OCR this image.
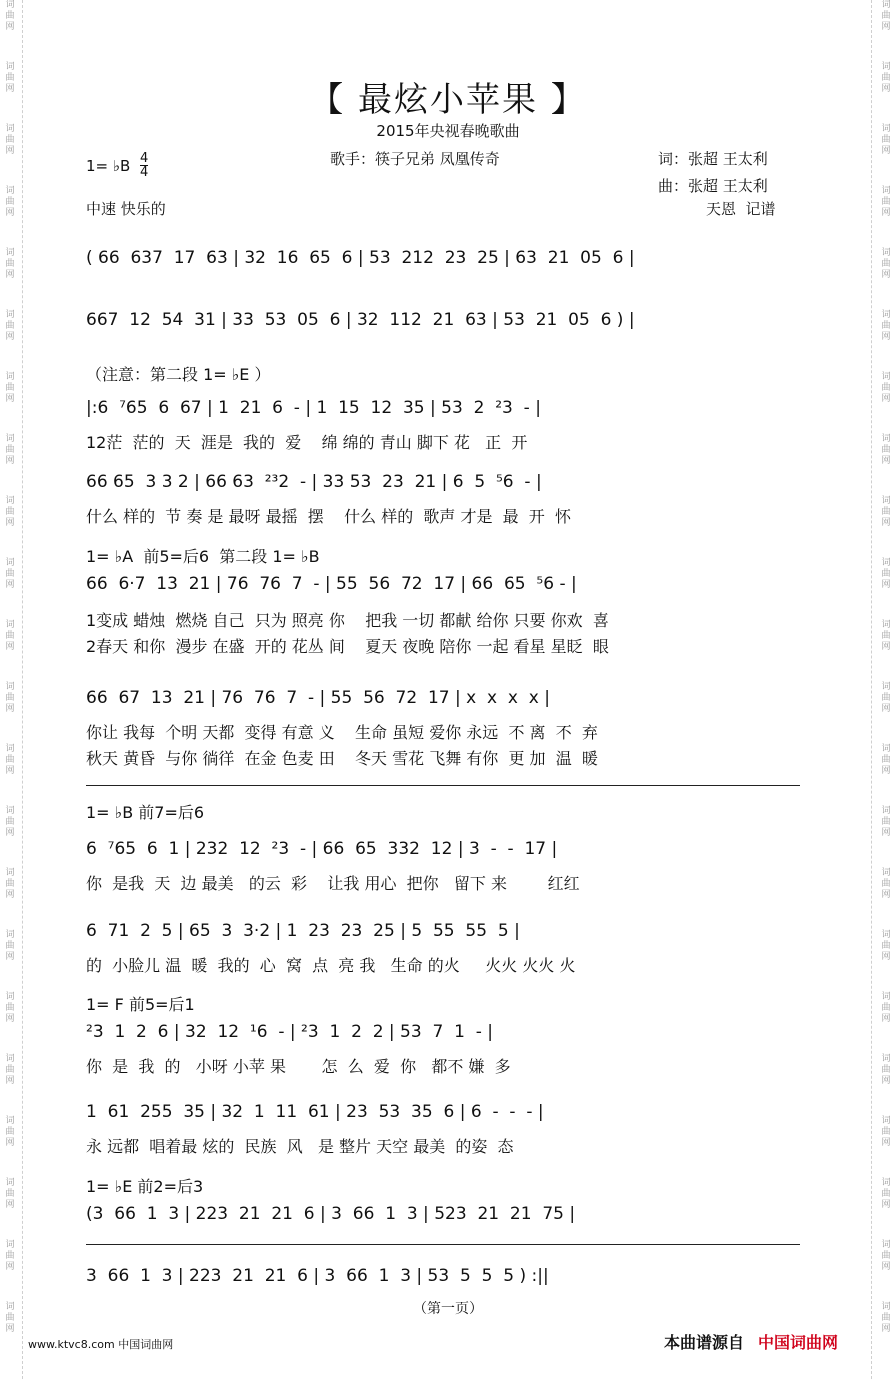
词曲网
词曲网
词曲网
词曲网
词曲网
词曲网
词曲网
词曲网
词曲网
词曲网
词曲网
词曲网
词曲网
词曲网
词曲网
词曲网
词曲网
词曲网
词曲网
词曲网
词曲网
词曲网
词曲网
词曲网
词曲网
词曲网
词曲网
词曲网
词曲网
词曲网
词曲网
词曲网
词曲网
词曲网
词曲网
词曲网
词曲网
词曲网
词曲网
词曲网
词曲网
词曲网
词曲网
词曲网
【 最炫小苹果 】
2015年央视春晚歌曲
1= ♭B $\frac{4}{4}$
中速 快乐的
歌手：筷子兄弟 凤凰传奇	词：张超 王太利
曲：张超 王太利
天恩  记谱
( 66  637  17  63 | 32  16  65  6 | 53  212  23  25 | 63  21  05  6 |
667  12  54  31 | 33  53  05  6 | 32  112  21  63 | 53  21  05  6 ) |
（注意：第二段 1= ♭E ）
|:6  ⁷65  6  67 | 1  21  6  - | 1  15  12  35 | 53  2  ²3  - |
12茫  茫的  天  涯是  我的  爱    绵 绵的 青山 脚下 花   正  开
66 65  3 3 2 | 66 63  ²³2  - | 33 53  23  21 | 6  5  ⁵6  - |
什么 样的  节 奏 是 最呀 最摇  摆    什么 样的  歌声 才是  最  开  怀
1= ♭A  前5=后6  第二段 1= ♭B
66  6·7  13  21 | 76  76  7  - | 55  56  72  17 | 66  65  ⁵6 - |
1变成 蜡烛  燃烧 自己  只为 照亮 你    把我 一切 都献 给你 只要 你欢  喜
2春天 和你  漫步 在盛  开的 花丛 间    夏天 夜晚 陪你 一起 看星 星眨  眼
66  67  13  21 | 76  76  7  - | 55  56  72  17 | x  x  x  x |
你让 我每  个明 天都  变得 有意 义    生命 虽短 爱你 永远  不 离  不  弃
秋天 黄昏  与你 徜徉  在金 色麦 田    冬天 雪花 飞舞 有你  更 加  温  暖
1= ♭B 前7=后6
6  ⁷65  6  1 | 232  12  ²3  - | 66  65  332  12 | 3  -  -  17 |
你  是我  天  边 最美   的云  彩    让我 用心  把你   留下 来        红红
6  71  2  5 | 65  3  3·2 | 1  23  23  25 | 5  55  55  5 |
的  小脸儿 温  暖  我的  心  窝  点  亮 我   生命 的火     火火 火火 火
1= F 前5=后1
²3  1  2  6 | 32  12  ¹6  - | ²3  1  2  2 | 53  7  1  - |
你  是  我  的   小呀 小苹 果       怎  么  爱  你   都不 嫌  多
1  61  255  35 | 32  1  11  61 | 23  53  35  6 | 6  -  -  - |
永 远都  唱着最 炫的  民族  风   是 整片 天空 最美  的姿  态
1= ♭E 前2=后3
(3  66  1  3 | 223  21  21  6 | 3  66  1  3 | 523  21  21  75 |
3  66  1  3 | 223  21  21  6 | 3  66  1  3 | 53  5  5  5 ) :||
（第一页）
www.ktvc8.com 中国词曲网	本曲谱源自 中国词曲网
